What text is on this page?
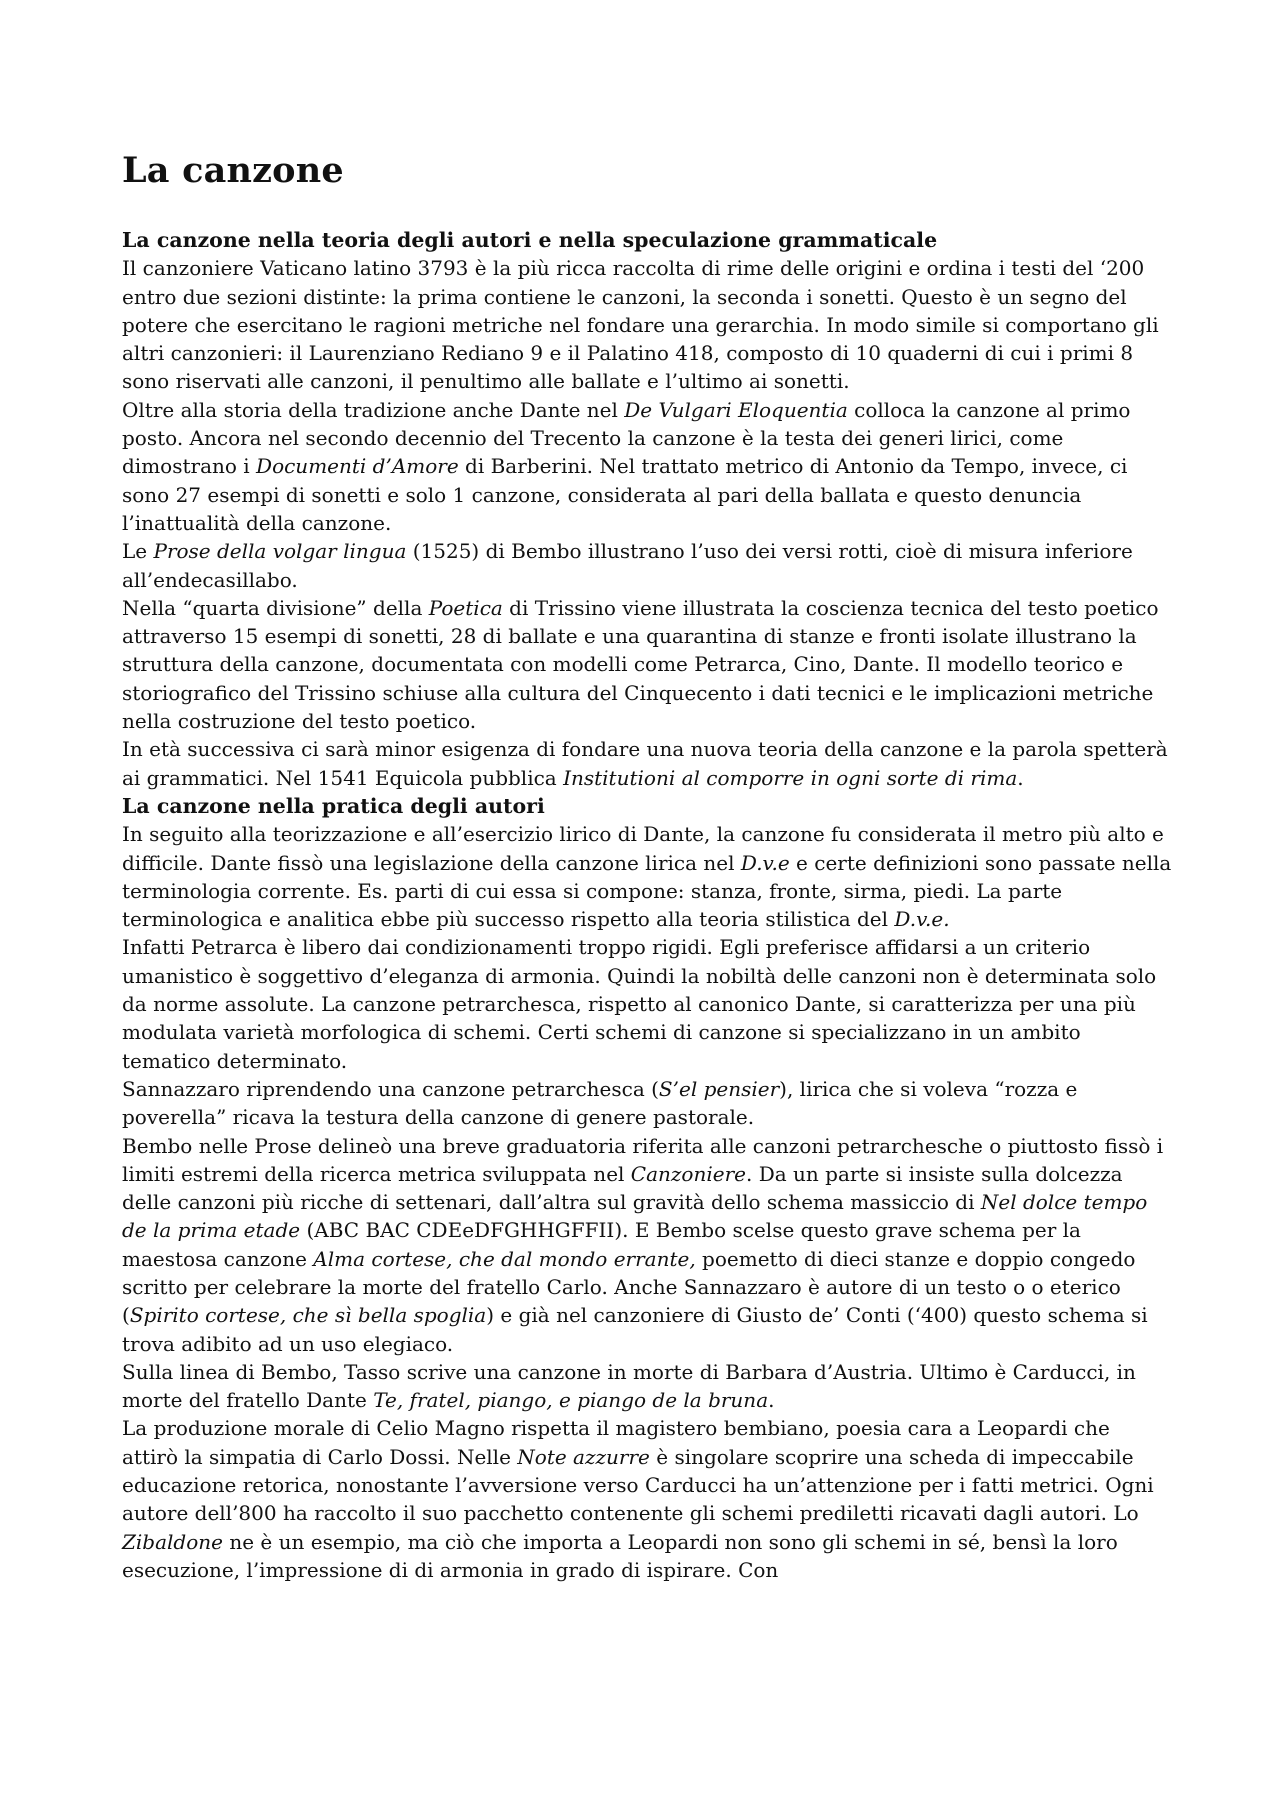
La canzone
La canzone nella teoria degli autori e nella speculazione grammaticale

Il canzoniere Vaticano latino 3793 è la più ricca raccolta di rime delle origini e ordina i testi del ‘200 entro due sezioni distinte: la prima contiene le canzoni, la seconda i sonetti. Questo è un segno del potere che esercitano le ragioni metriche nel fondare una gerarchia. In modo simile si comportano gli altri canzonieri: il Laurenziano Rediano 9 e il Palatino 418, composto di 10 quaderni di cui i primi 8 sono riservati alle canzoni, il penultimo alle ballate e l’ultimo ai sonetti.

Oltre alla storia della tradizione anche Dante nel De Vulgari Eloquentia colloca la canzone al primo posto. Ancora nel secondo decennio del Trecento la canzone è la testa dei generi lirici, come dimostrano i Documenti d’Amore di Barberini. Nel trattato metrico di Antonio da Tempo, invece, ci sono 27 esempi di sonetti e solo 1 canzone, considerata al pari della ballata e questo denuncia l’inattualità della canzone.

Le Prose della volgar lingua (1525) di Bembo illustrano l’uso dei versi rotti, cioè di misura inferiore all’endecasillabo.

Nella “quarta divisione” della Poetica di Trissino viene illustrata la coscienza tecnica del testo poetico attraverso 15 esempi di sonetti, 28 di ballate e una quarantina di stanze e fronti isolate illustrano la struttura della canzone, documentata con modelli come Petrarca, Cino, Dante. Il modello teorico e storiografico del Trissino schiuse alla cultura del Cinquecento i dati tecnici e le implicazioni metriche nella costruzione del testo poetico.

In età successiva ci sarà minor esigenza di fondare una nuova teoria della canzone e la parola spetterà ai grammatici. Nel 1541 Equicola pubblica Institutioni al comporre in ogni sorte di rima.

La canzone nella pratica degli autori

In seguito alla teorizzazione e all’esercizio lirico di Dante, la canzone fu considerata il metro più alto e difficile. Dante fissò una legislazione della canzone lirica nel D.v.e e certe definizioni sono passate nella terminologia corrente. Es. parti di cui essa si compone: stanza, fronte, sirma, piedi. La parte terminologica e analitica ebbe più successo rispetto alla teoria stilistica del D.v.e.

Infatti Petrarca è libero dai condizionamenti troppo rigidi. Egli preferisce affidarsi a un criterio umanistico è soggettivo d’eleganza di armonia. Quindi la nobiltà delle canzoni non è determinata solo da norme assolute. La canzone petrarchesca, rispetto al canonico Dante, si caratterizza per una più modulata varietà morfologica di schemi. Certi schemi di canzone si specializzano in un ambito tematico determinato.

Sannazzaro riprendendo una canzone petrarchesca (S’el pensier), lirica che si voleva “rozza e poverella” ricava la testura della canzone di genere pastorale.

Bembo nelle Prose delineò una breve graduatoria riferita alle canzoni petrarchesche o piuttosto fissò i limiti estremi della ricerca metrica sviluppata nel Canzoniere. Da un parte si insiste sulla dolcezza delle canzoni più ricche di settenari, dall’altra sul gravità dello schema massiccio di Nel dolce tempo de la prima etade (ABC BAC CDEeDFGHHGFFII). E Bembo scelse questo grave schema per la maestosa canzone Alma cortese, che dal mondo errante, poemetto di dieci stanze e doppio congedo scritto per celebrare la morte del fratello Carlo. Anche Sannazzaro è autore di un testo o o eterico (Spirito cortese, che sì bella spoglia) e già nel canzoniere di Giusto de’ Conti (‘400) questo schema si trova adibito ad un uso elegiaco.

Sulla linea di Bembo, Tasso scrive una canzone in morte di Barbara d’Austria. Ultimo è Carducci, in morte del fratello Dante Te, fratel, piango, e piango de la bruna.

La produzione morale di Celio Magno rispetta il magistero bembiano, poesia cara a Leopardi che attirò la simpatia di Carlo Dossi. Nelle Note azzurre è singolare scoprire una scheda di impeccabile educazione retorica, nonostante l’avversione verso Carducci ha un’attenzione per i fatti metrici. Ogni autore dell’800 ha raccolto il suo pacchetto contenente gli schemi prediletti ricavati dagli autori. Lo Zibaldone ne è un esempio, ma ciò che importa a Leopardi non sono gli schemi in sé, bensì la loro esecuzione, l’impressione di di armonia in grado di ispirare. Con
